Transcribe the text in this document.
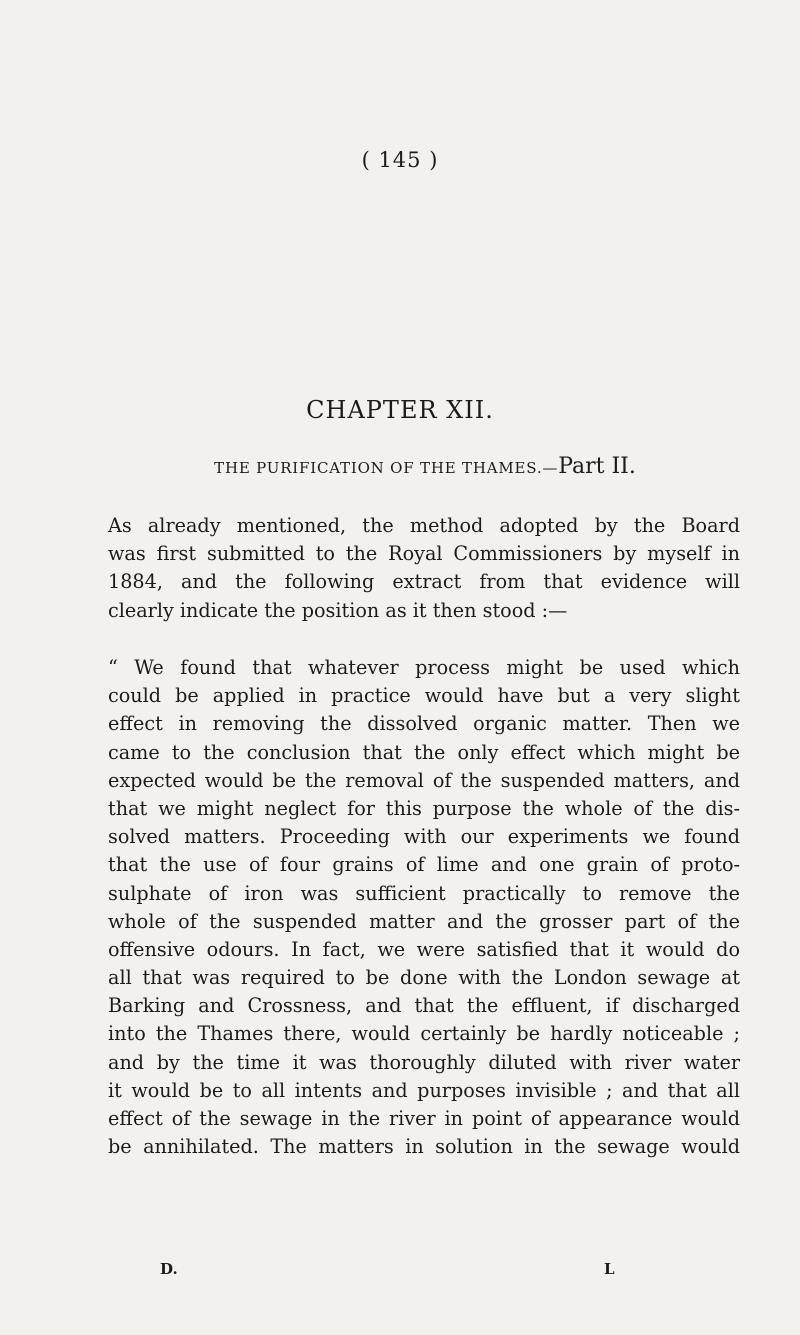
( 145 )
CHAPTER XII.
THE PURIFICATION OF THE THAMES.—Part II.
As already mentioned, the method adopted by the Board
was first submitted to the Royal Commissioners by myself in
1884, and the following extract from that evidence will
clearly indicate the position as it then stood :—
“ We found that whatever process might be used which
could be applied in practice would have but a very slight
effect in removing the dissolved organic matter. Then we
came to the conclusion that the only effect which might be
expected would be the removal of the suspended matters, and
that we might neglect for this purpose the whole of the dis-
solved matters. Proceeding with our experiments we found
that the use of four grains of lime and one grain of proto-
sulphate of iron was sufficient practically to remove the
whole of the suspended matter and the grosser part of the
offensive odours. In fact, we were satisfied that it would do
all that was required to be done with the London sewage at
Barking and Crossness, and that the effluent, if discharged
into the Thames there, would certainly be hardly noticeable ;
and by the time it was thoroughly diluted with river water
it would be to all intents and purposes invisible ; and that all
effect of the sewage in the river in point of appearance would
be annihilated. The matters in solution in the sewage would
D.	L
